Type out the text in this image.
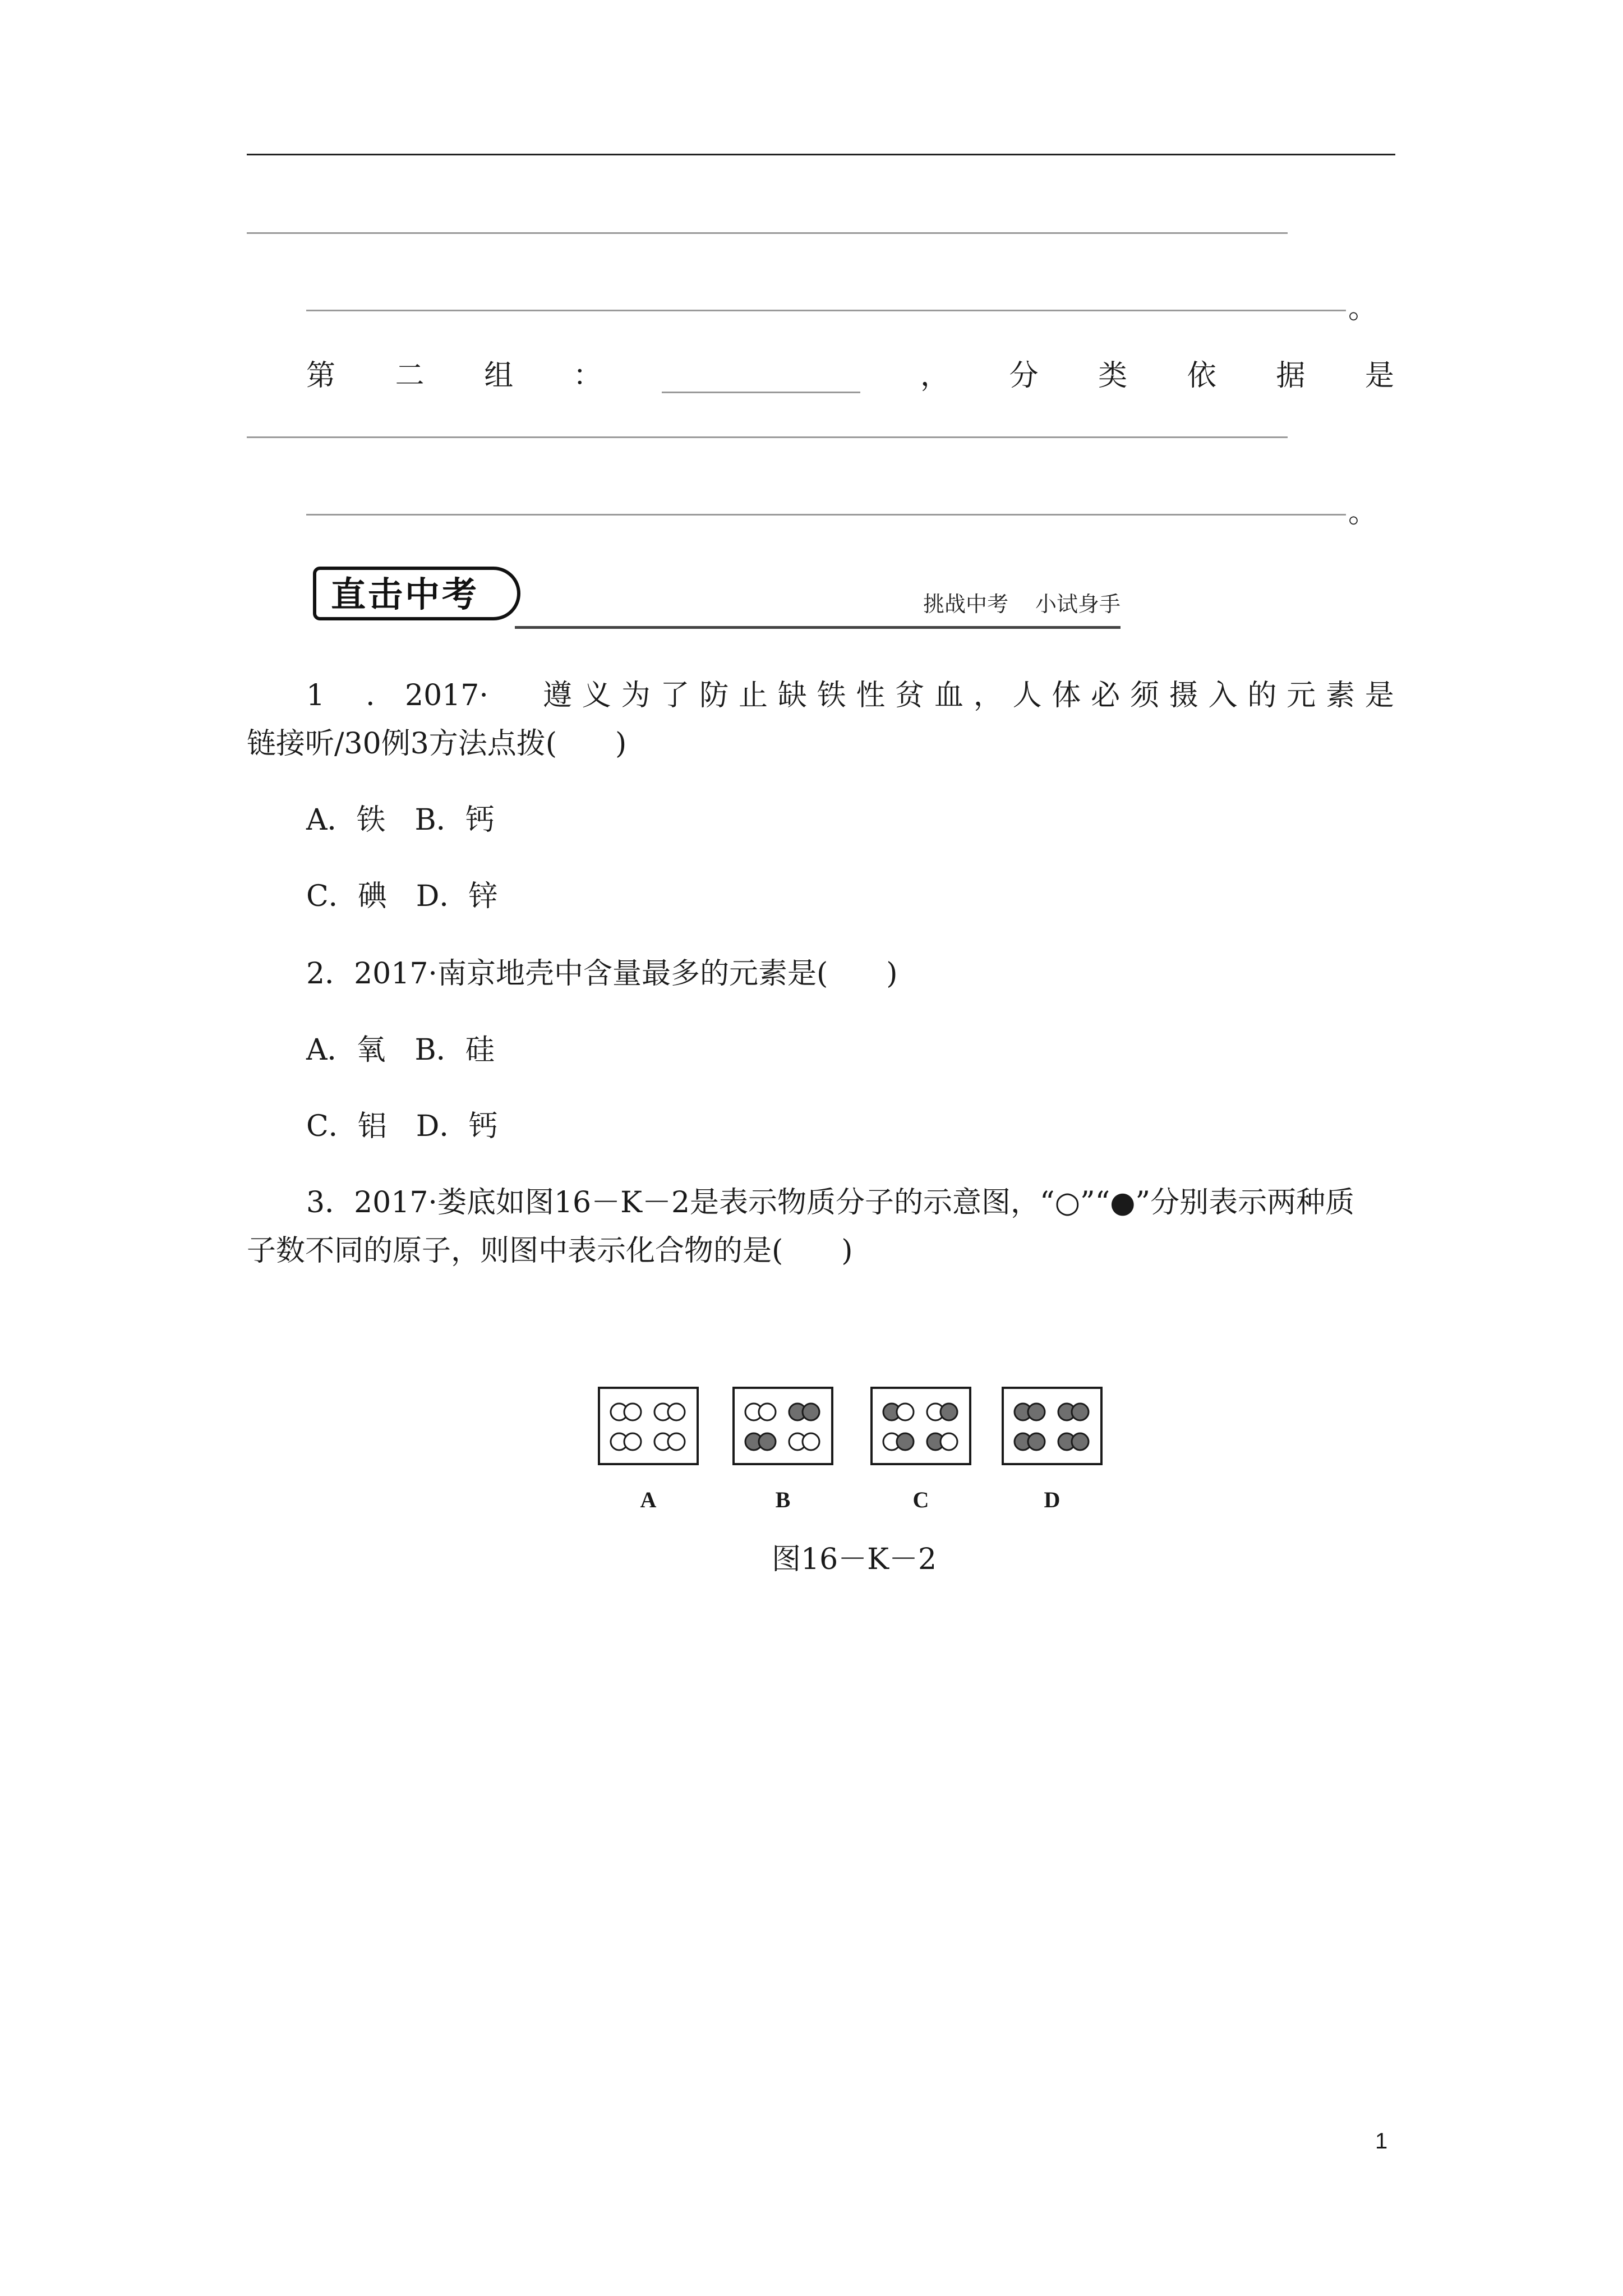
。
第 二 组 ：	， 分 类 依 据 是
。
直击中考	挑战中考 小试身手
1 . 2017· 遵 义 为 了 防 止 缺 铁 性 贫 血 ， 人 体 必 须 摄 入 的 元 素 是
链接听/30例3方法点拨(　　)
A．铁　B．钙
C．碘　D．锌
2．2017·南京地壳中含量最多的元素是(　　)
A．氧　B．硅
C．铝　D．钙
3．2017·娄底如图16－K－2是表示物质分子的示意图，“○”“●”分别表示两种质
子数不同的原子，则图中表示化合物的是(　　)
A	B	C	D
图16－K－2
1
